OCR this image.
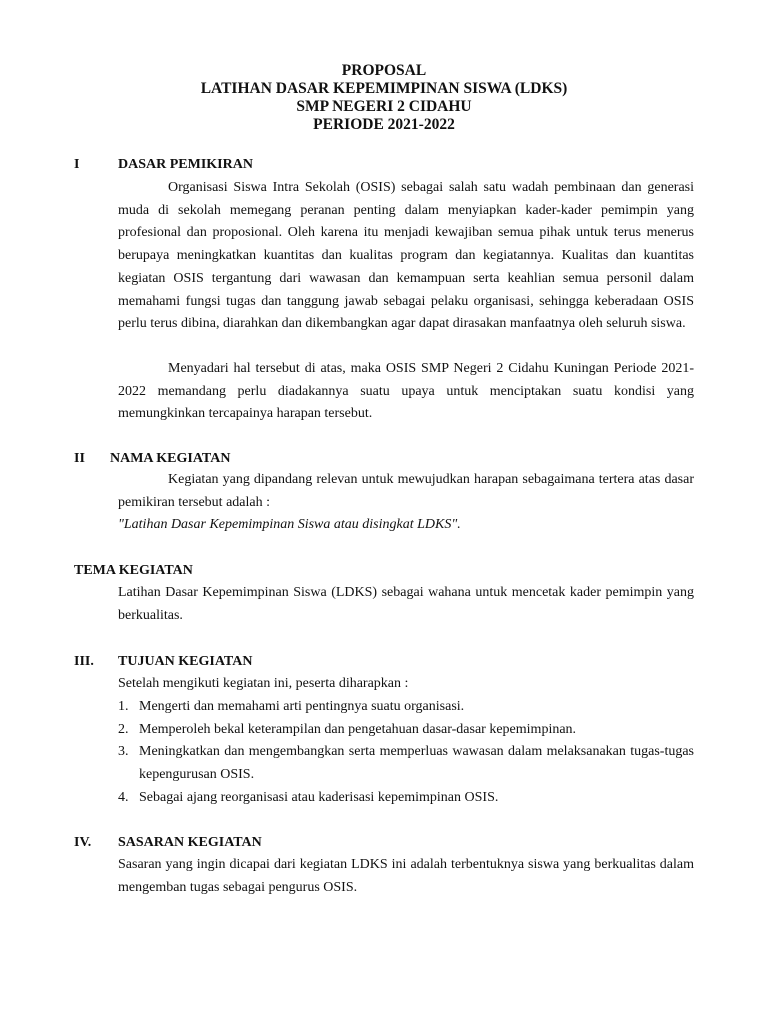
PROPOSAL
LATIHAN DASAR KEPEMIMPINAN SISWA (LDKS)
SMP NEGERI 2 CIDAHU
PERIODE 2021-2022
I	DASAR PEMIKIRAN
Organisasi Siswa Intra Sekolah (OSIS) sebagai salah satu wadah pembinaan dan generasi muda di sekolah memegang peranan penting dalam menyiapkan kader-kader pemimpin yang profesional dan proposional. Oleh karena itu menjadi kewajiban semua pihak untuk terus menerus berupaya meningkatkan kuantitas dan kualitas program dan kegiatannya. Kualitas dan kuantitas kegiatan OSIS tergantung dari wawasan dan kemampuan serta keahlian semua personil dalam memahami fungsi tugas dan tanggung jawab sebagai pelaku organisasi, sehingga keberadaan OSIS perlu terus dibina, diarahkan dan dikembangkan agar dapat dirasakan manfaatnya oleh seluruh siswa.
Menyadari hal tersebut di atas, maka OSIS SMP Negeri 2 Cidahu Kuningan Periode 2021-2022 memandang perlu diadakannya suatu upaya untuk menciptakan suatu kondisi yang memungkinkan tercapainya harapan tersebut.
II NAMA KEGIATAN
Kegiatan yang dipandang relevan untuk mewujudkan harapan sebagaimana tertera atas dasar pemikiran tersebut adalah :
"Latihan Dasar Kepemimpinan Siswa atau disingkat LDKS".
TEMA KEGIATAN
Latihan Dasar Kepemimpinan Siswa (LDKS) sebagai wahana untuk mencetak kader pemimpin yang berkualitas.
III. TUJUAN KEGIATAN
Setelah mengikuti kegiatan ini, peserta diharapkan :
1. Mengerti dan memahami arti pentingnya suatu organisasi.
2. Memperoleh bekal keterampilan dan pengetahuan dasar-dasar kepemimpinan.
3. Meningkatkan dan mengembangkan serta memperluas wawasan dalam melaksanakan tugas-tugas kepengurusan OSIS.
4. Sebagai ajang reorganisasi atau kaderisasi kepemimpinan OSIS.
IV. SASARAN KEGIATAN
Sasaran yang ingin dicapai dari kegiatan LDKS ini adalah terbentuknya siswa yang berkualitas dalam mengemban tugas sebagai pengurus OSIS.
